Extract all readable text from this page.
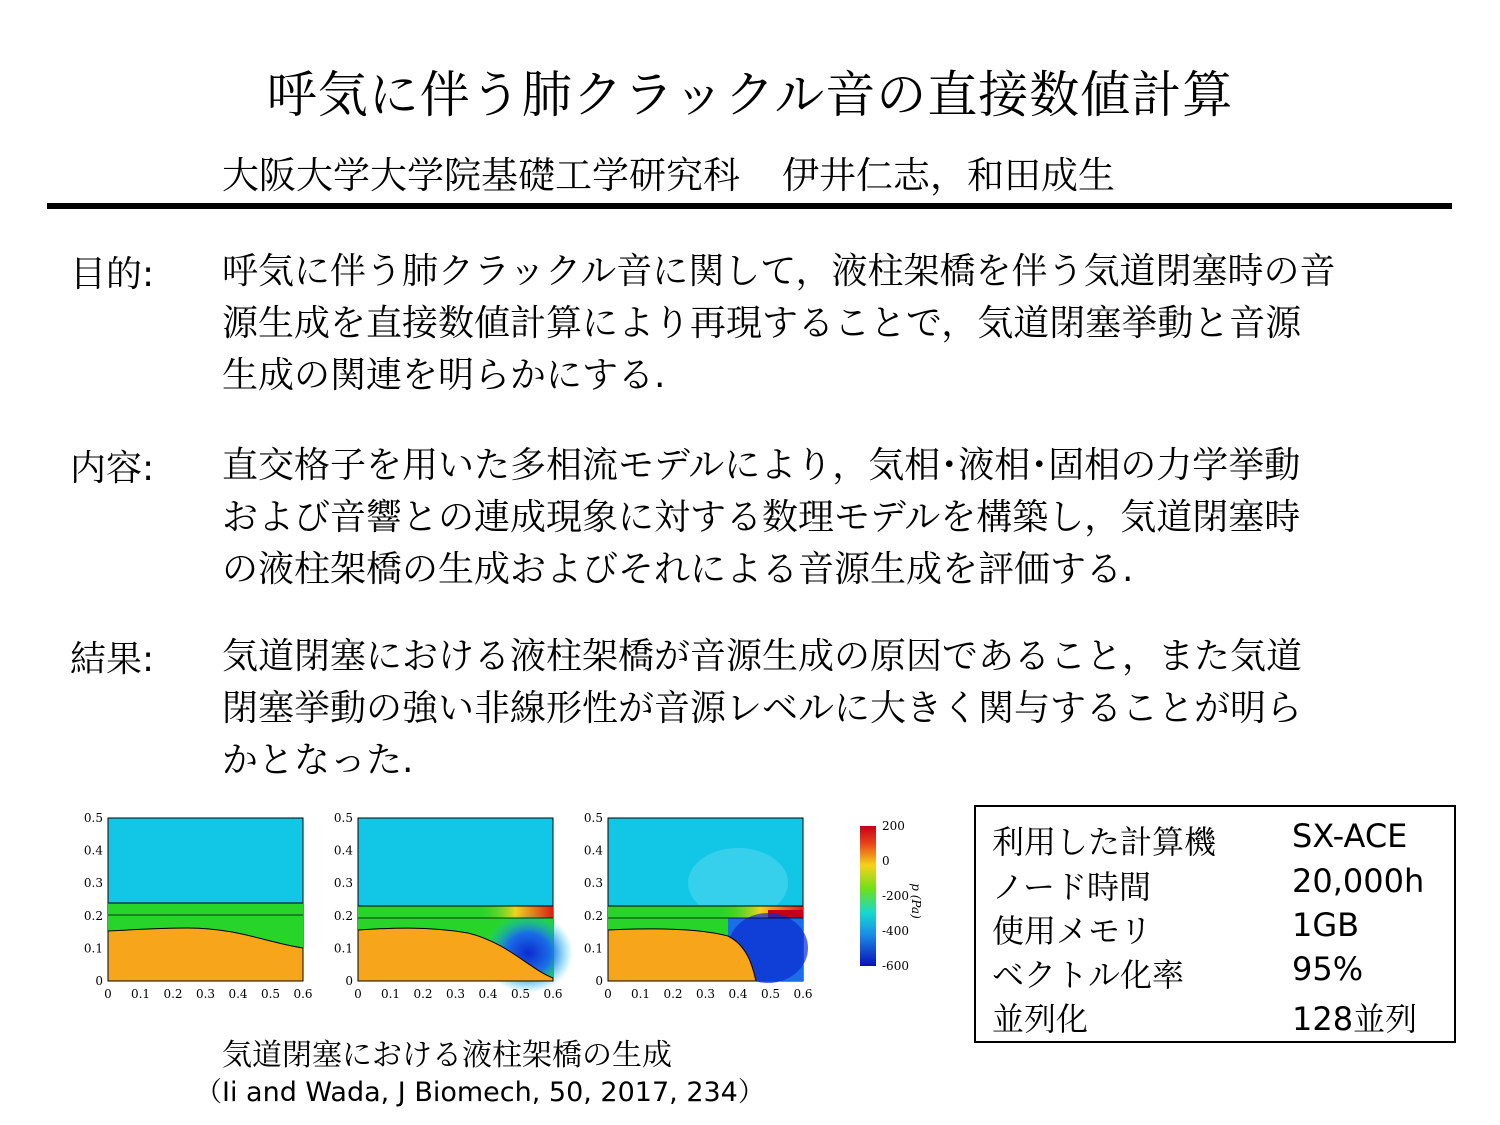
呼気に伴う肺クラックル音の直接数値計算
大阪大学大学院基礎工学研究科 伊井仁志，和田成生
目的: 呼気に伴う肺クラックル音に関して，液柱架橋を伴う気道閉塞時の音
源生成を直接数値計算により再現することで，気道閉塞挙動と音源
生成の関連を明らかにする.
内容: 直交格子を用いた多相流モデルにより，気相･液相･固相の力学挙動
および音響との連成現象に対する数理モデルを構築し，気道閉塞時
の液柱架橋の生成およびそれによる音源生成を評価する.
結果: 気道閉塞における液柱架橋が音源生成の原因であること，また気道
閉塞挙動の強い非線形性が音源レベルに大きく関与することが明ら
かとなった.
0 0.1 0.2 0.3 0.4 0.5 0.6
0
0.1
0.2
0.3
0.4
0.5
0 0.1 0.2 0.3 0.4 0.5 0.6
0
0.1
0.2
0.3
0.4
0.5
0 0.1 0.2 0.3 0.4 0.5 0.6
0
0.1
0.2
0.3
0.4
0.5
200
0
-200
-400
-600
p (Pa)
気道閉塞における液柱架橋の生成
（Ii and Wada, J Biomech, 50, 2017, 234）
利用した計算機 SX-ACE
ノード時間	20,000h
使用メモリ	1GB
ベクトル化率	95%
並列化	128並列
